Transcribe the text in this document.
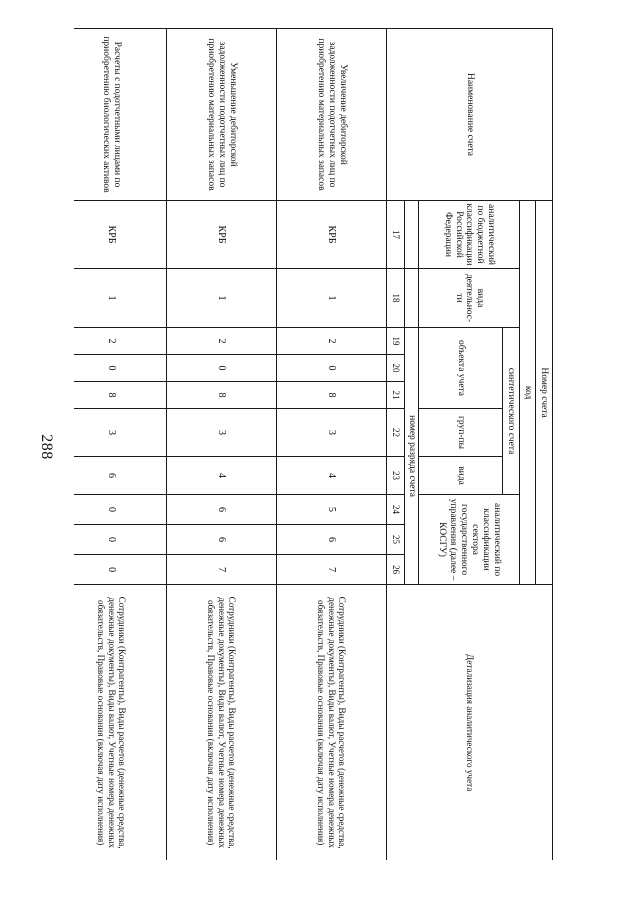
288
Наименование счета	Номер счета										Детализация аналитического учета
	код										
	аналитический по бюджетной классификации Российской Федерации	вида деятельнос-ти	синтетического счета					аналитический по классификации сектора государственного управления (далее – КОСГУ)			
			объекта учета			груп-пы	вида				
			номер разряда счета								
	17	18	19	20	21	22	23	24	25	26	
Увеличение дебиторской задолженности подотчетных лиц по приобретению материальных запасов	КРБ	1	2	0	8	3	4	5	6	7	Сотрудники (Контрагенты), Виды расчетов (денежные средства, денежные документы), Виды валют, Учетные номера денежных обязательств, Правовые основания (включая дату исполнения)
Уменьшение дебиторской задолженности подотчетных лиц по приобретению материальных запасов	КРБ	1	2	0	8	3	4	6	6	7	Сотрудники (Контрагенты), Виды расчетов (денежные средства, денежные документы), Виды валют, Учетные номера денежных обязательств, Правовые основания (включая дату исполнения)
Расчеты с подотчетными лицами по приобретению биологических активов	КРБ	1	2	0	8	3	6	0	0	0	Сотрудники (Контрагенты), Виды расчетов (денежные средства, денежные документы), Виды валют, Учетные номера денежных обязательств, Правовые основания (включая дату исполнения)
